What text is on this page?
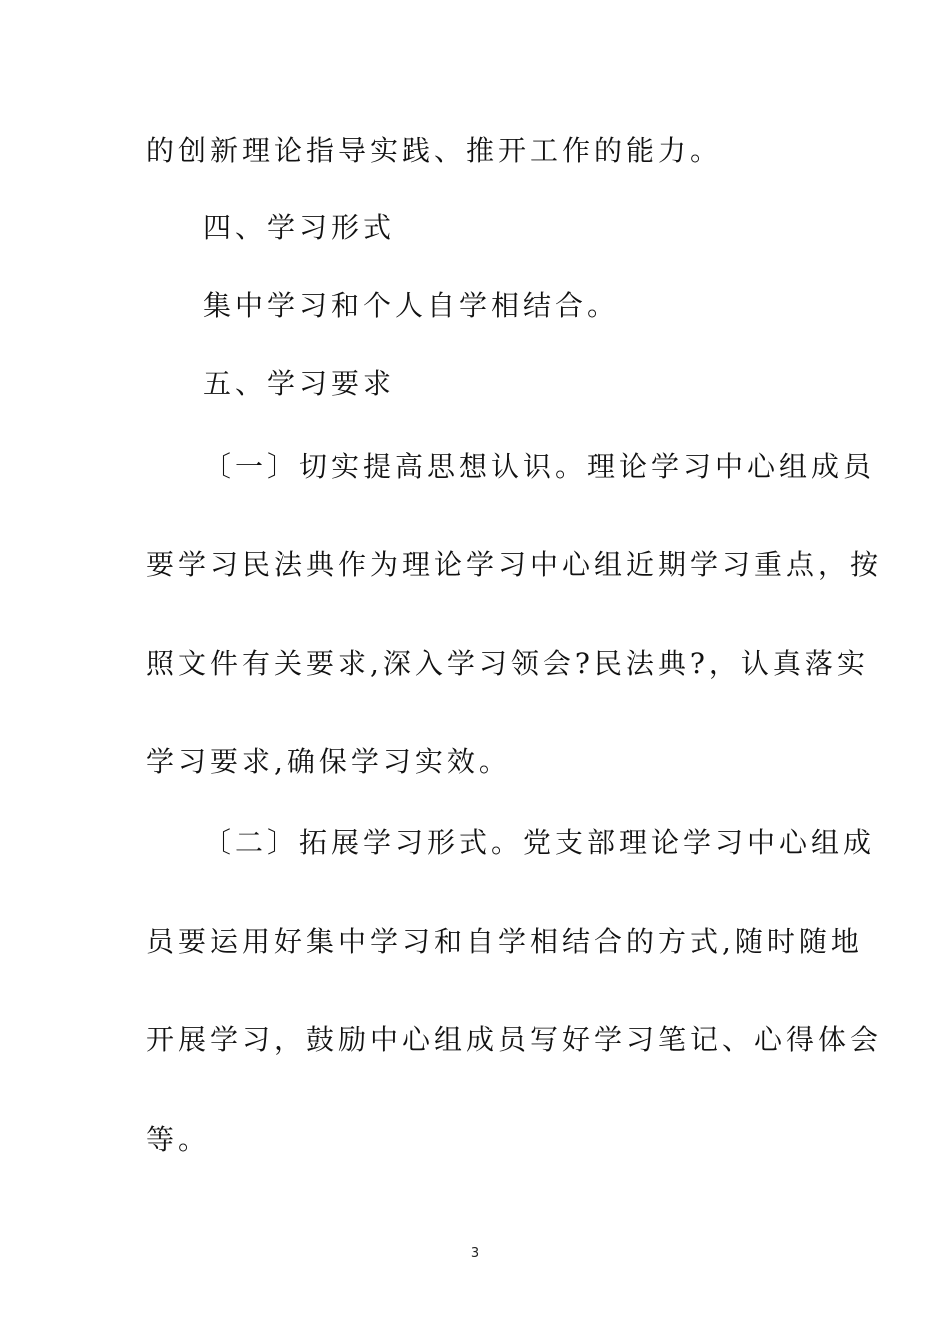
的创新理论指导实践、推开工作的能力。
四、学习形式
集中学习和个人自学相结合。
五、学习要求
〔一〕切实提高思想认识。理论学习中心组成员
要学习民法典作为理论学习中心组近期学习重点，按
照文件有关要求,深入学习领会?民法典?，认真落实
学习要求,确保学习实效。
〔二〕拓展学习形式。党支部理论学习中心组成
员要运用好集中学习和自学相结合的方式,随时随地
开展学习，鼓励中心组成员写好学习笔记、心得体会
等。
3
